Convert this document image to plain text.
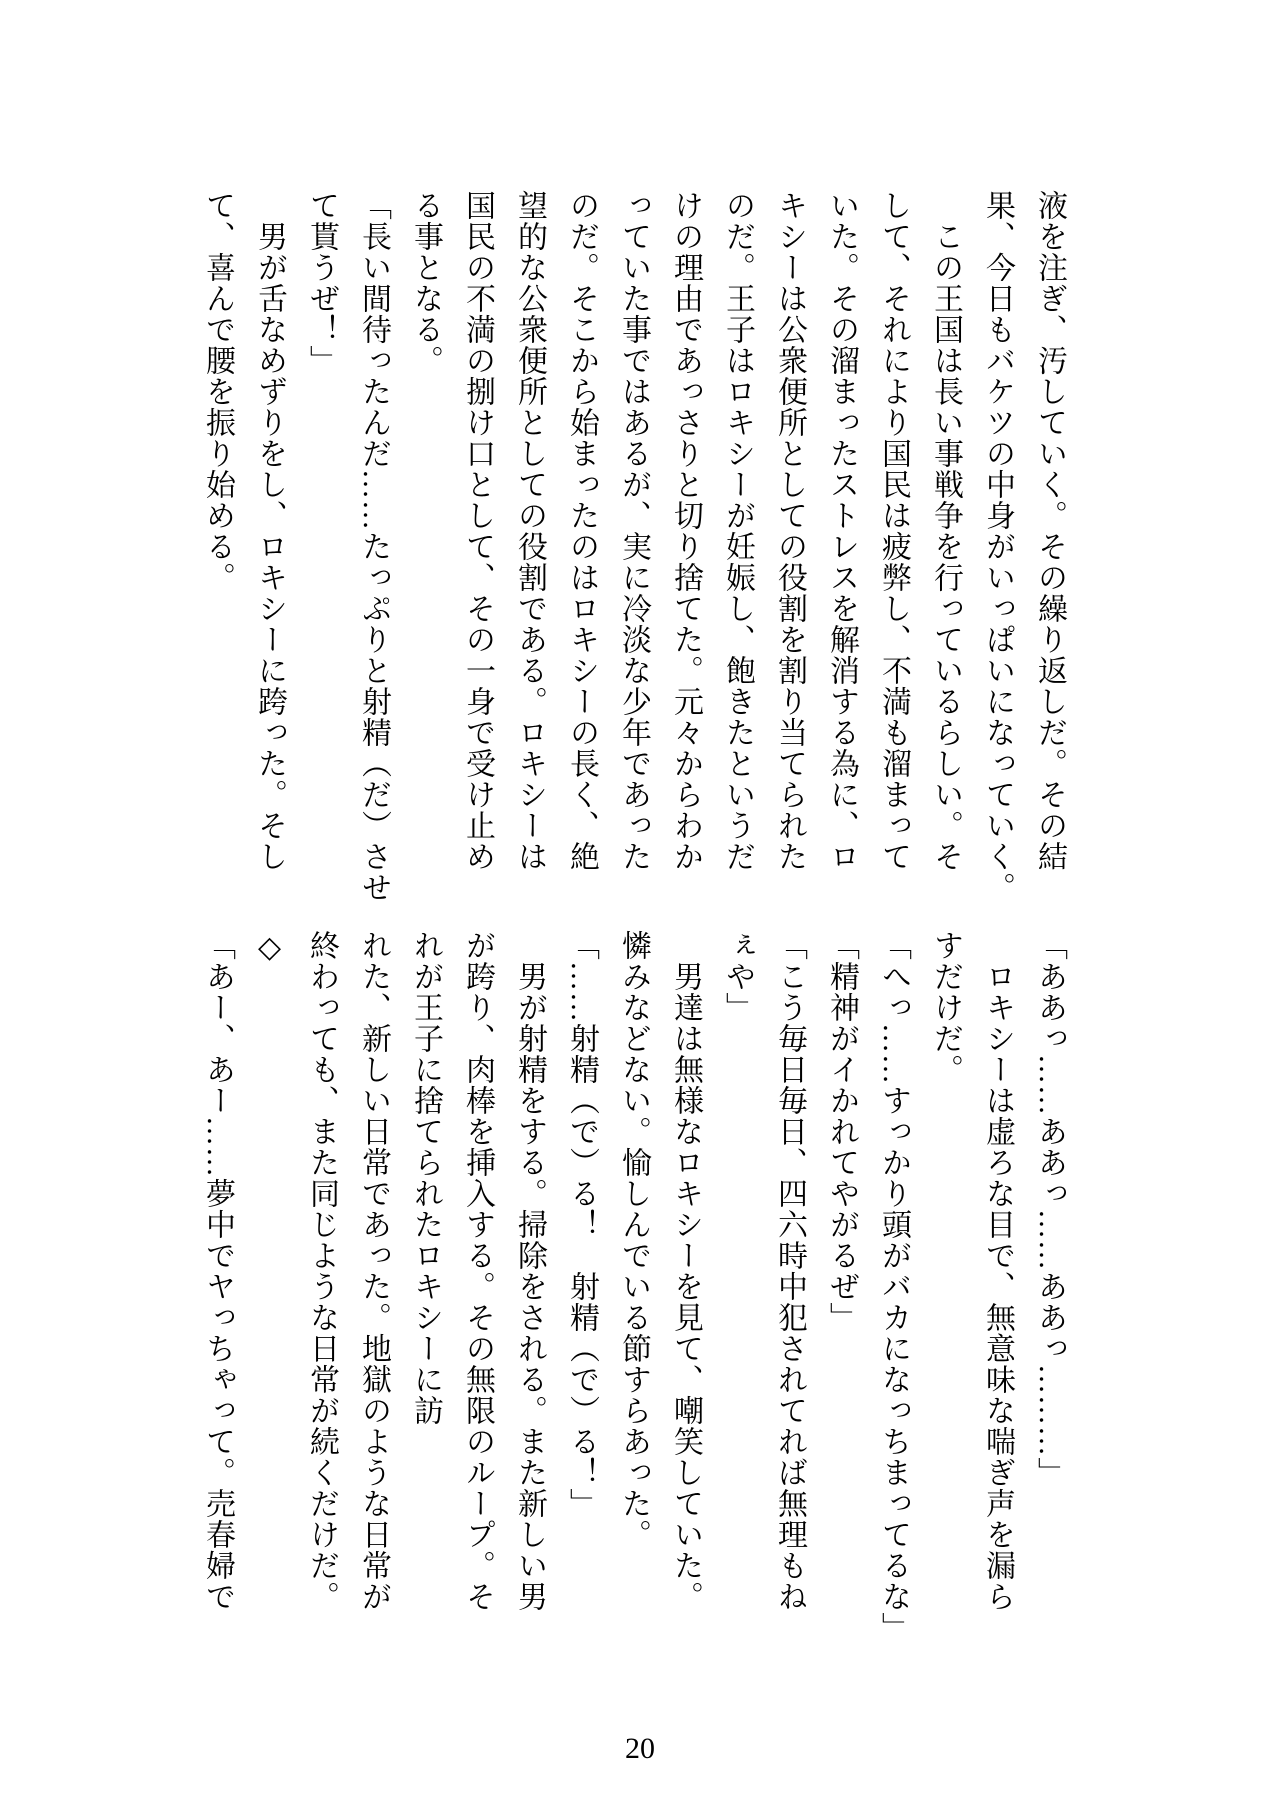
液を注ぎ、汚していく。その繰り返しだ。その結
果、今日もバケツの中身がいっぱいになっていく。
　この王国は長い事戦争を行っているらしい。そ
して、それにより国民は疲弊し、不満も溜まって
いた。その溜まったストレスを解消する為に、ロ
キシーは公衆便所としての役割を割り当てられた
のだ。王子はロキシーが妊娠し、飽きたというだ
けの理由であっさりと切り捨てた。元々からわか
っていた事ではあるが、実に冷淡な少年であった
のだ。そこから始まったのはロキシーの長く、絶
望的な公衆便所としての役割である。ロキシーは
国民の不満の捌け口として、その一身で受け止め
る事となる。
「長い間待ったんだ……たっぷりと射精（だ）させ
て貰うぜ！」
　男が舌なめずりをし、ロキシーに跨った。そし
て、喜んで腰を振り始める。
「ああっ……ああっ……ああっ………」
　ロキシーは虚ろな目で、無意味な喘ぎ声を漏ら
すだけだ。
「へっ……すっかり頭がバカになっちまってるな」
「精神がイかれてやがるぜ」
「こう毎日毎日、四六時中犯されてれば無理もね
ぇや」
　男達は無様なロキシーを見て、嘲笑していた。
憐みなどない。愉しんでいる節すらあった。
「……射精（で）る！　射精（で）る！」
　男が射精をする。掃除をされる。また新しい男
が跨り、肉棒を挿入する。その無限のループ。そ
れが王子に捨てられたロキシーに訪
れた、新しい日常であった。地獄のような日常が
終わっても、また同じような日常が続くだけだ。
◇
「あー、あー……夢中でヤっちゃって。売春婦で
20
